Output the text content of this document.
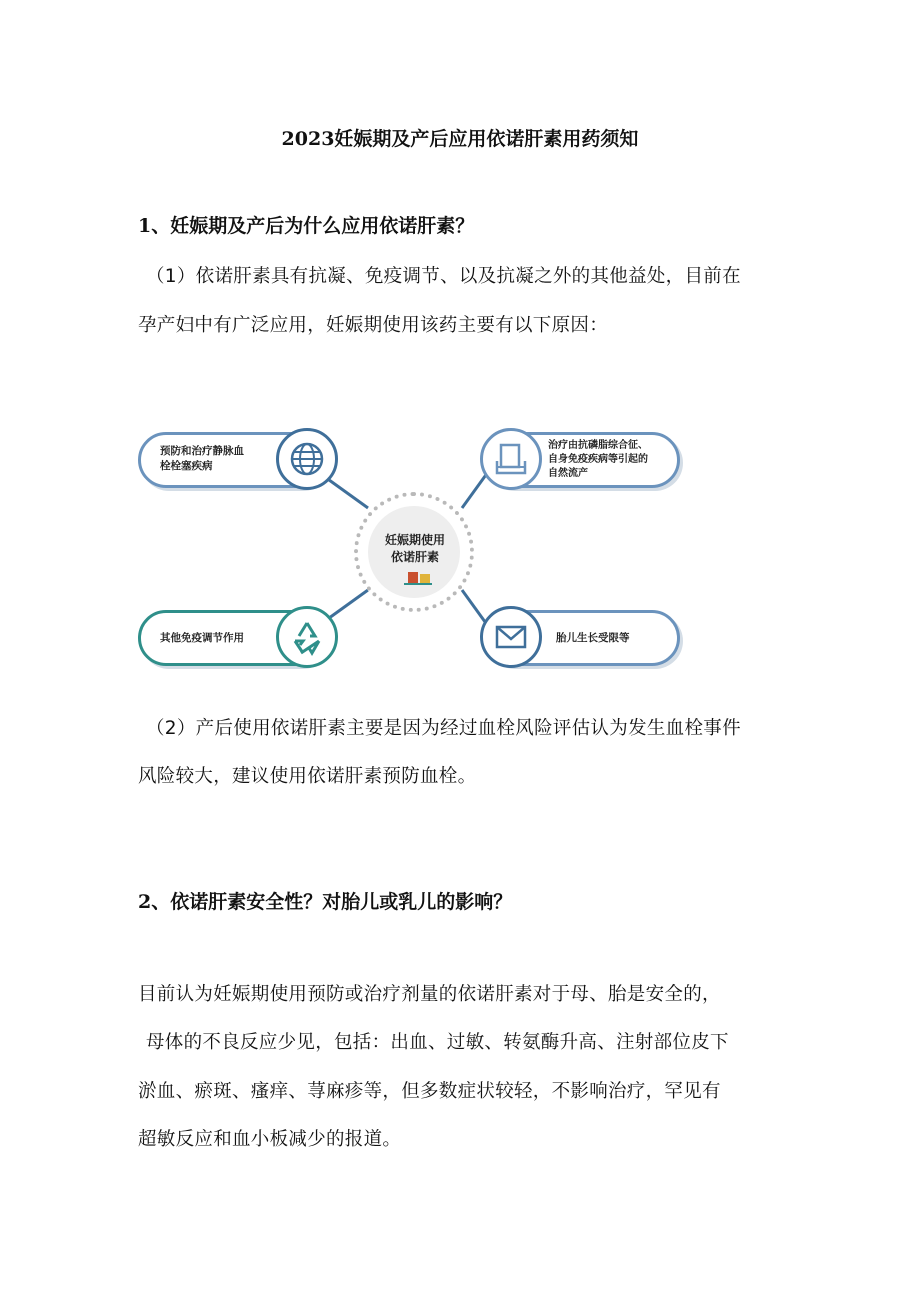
2023妊娠期及产后应用依诺肝素用药须知
1、妊娠期及产后为什么应用依诺肝素？
（1）依诺肝素具有抗凝、免疫调节、以及抗凝之外的其他益处，目前在
孕产妇中有广泛应用，妊娠期使用该药主要有以下原因：
预防和治疗静脉血
栓栓塞疾病
治疗由抗磷脂综合征、
自身免疫疾病等引起的
自然流产
妊娠期使用
依诺肝素
其他免疫调节作用	胎儿生长受限等
（2）产后使用依诺肝素主要是因为经过血栓风险评估认为发生血栓事件
风险较大，建议使用依诺肝素预防血栓。
2、依诺肝素安全性？对胎儿或乳儿的影响？
目前认为妊娠期使用预防或治疗剂量的依诺肝素对于母、胎是安全的，
母体的不良反应少见，包括：出血、过敏、转氨酶升高、注射部位皮下
淤血、瘀斑、瘙痒、荨麻疹等，但多数症状较轻，不影响治疗，罕见有
超敏反应和血小板减少的报道。
